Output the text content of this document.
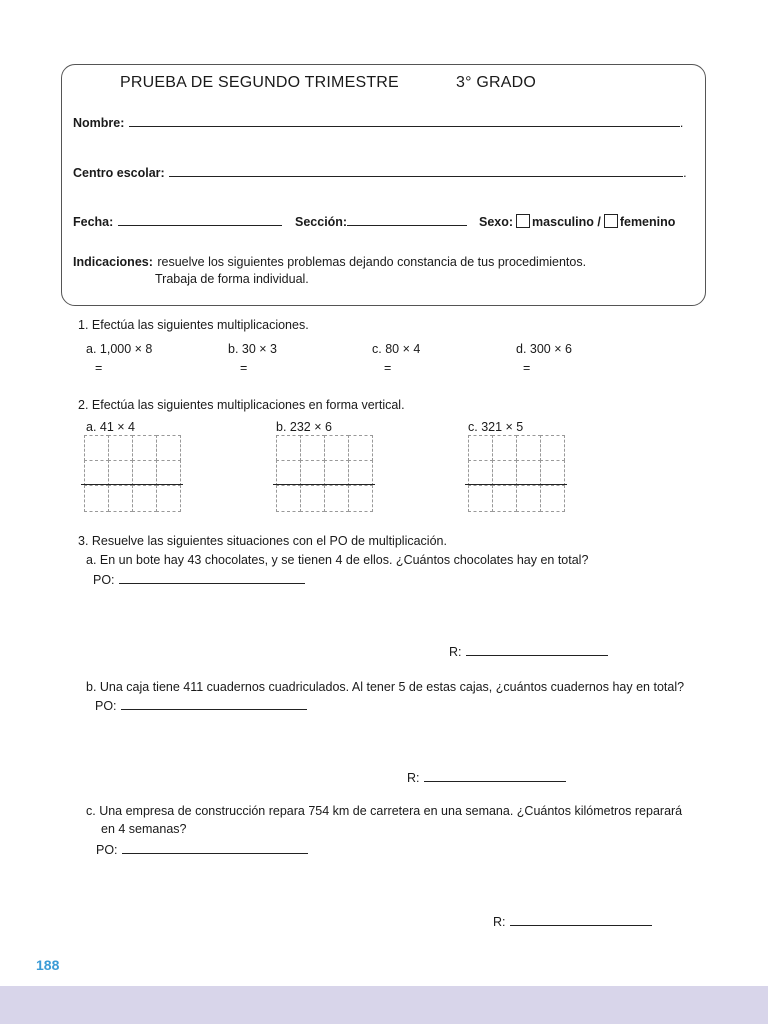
PRUEBA DE SEGUNDO TRIMESTRE	3° GRADO
Nombre:	.
Centro escolar:	.
Fecha:	Sección:	Sexo: masculino / femenino
Indicaciones: resuelve los siguientes problemas dejando constancia de tus procedimientos.
Trabaja de forma individual.
1. Efectúa las siguientes multiplicaciones.
a. 1,000 × 8	b. 30 × 3	c. 80 × 4	d. 300 × 6
=	=	=	=
2. Efectúa las siguientes multiplicaciones en forma vertical.
a. 41 × 4	b. 232 × 6	c. 321 × 5
3. Resuelve las siguientes situaciones con el PO de multiplicación.
a. En un bote hay 43 chocolates, y se tienen 4 de ellos. ¿Cuántos chocolates hay en total?
PO:
R:
b. Una caja tiene 411 cuadernos cuadriculados. Al tener 5 de estas cajas, ¿cuántos cuadernos hay en total?
PO:
R:
c. Una empresa de construcción repara 754 km de carretera en una semana. ¿Cuántos kilómetros reparará
en 4 semanas?
PO:
R:
188
